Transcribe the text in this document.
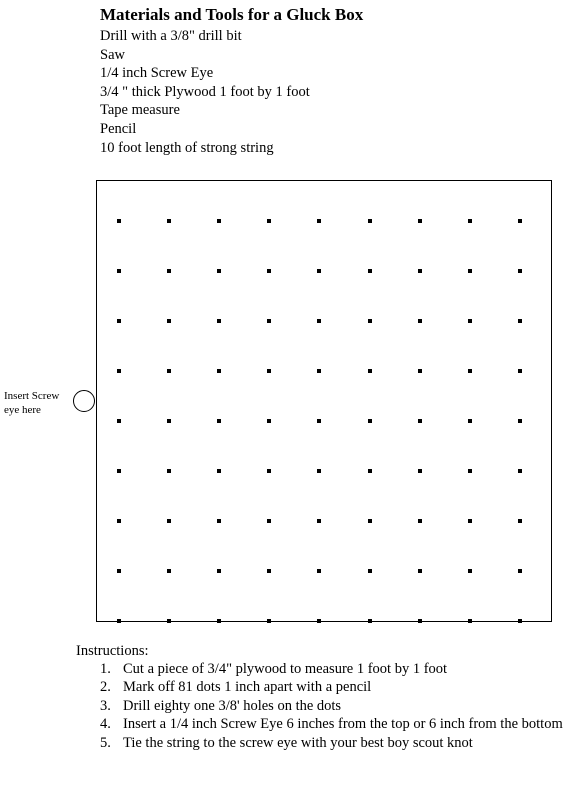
Materials and Tools for a Gluck Box
Drill with a 3/8" drill bit
Saw
1/4 inch Screw Eye
3/4 " thick Plywood 1 foot by 1 foot
Tape measure
Pencil
10 foot length of strong string
Insert Screw eye here
Instructions:
1. Cut a piece of 3/4" plywood to measure 1 foot by 1 foot
2. Mark off 81 dots 1 inch apart with a pencil
3. Drill eighty one 3/8' holes on the dots
4. Insert a 1/4 inch Screw Eye 6 inches from the top or 6 inch from the bottom
5. Tie the string to the screw eye with your best boy scout knot
